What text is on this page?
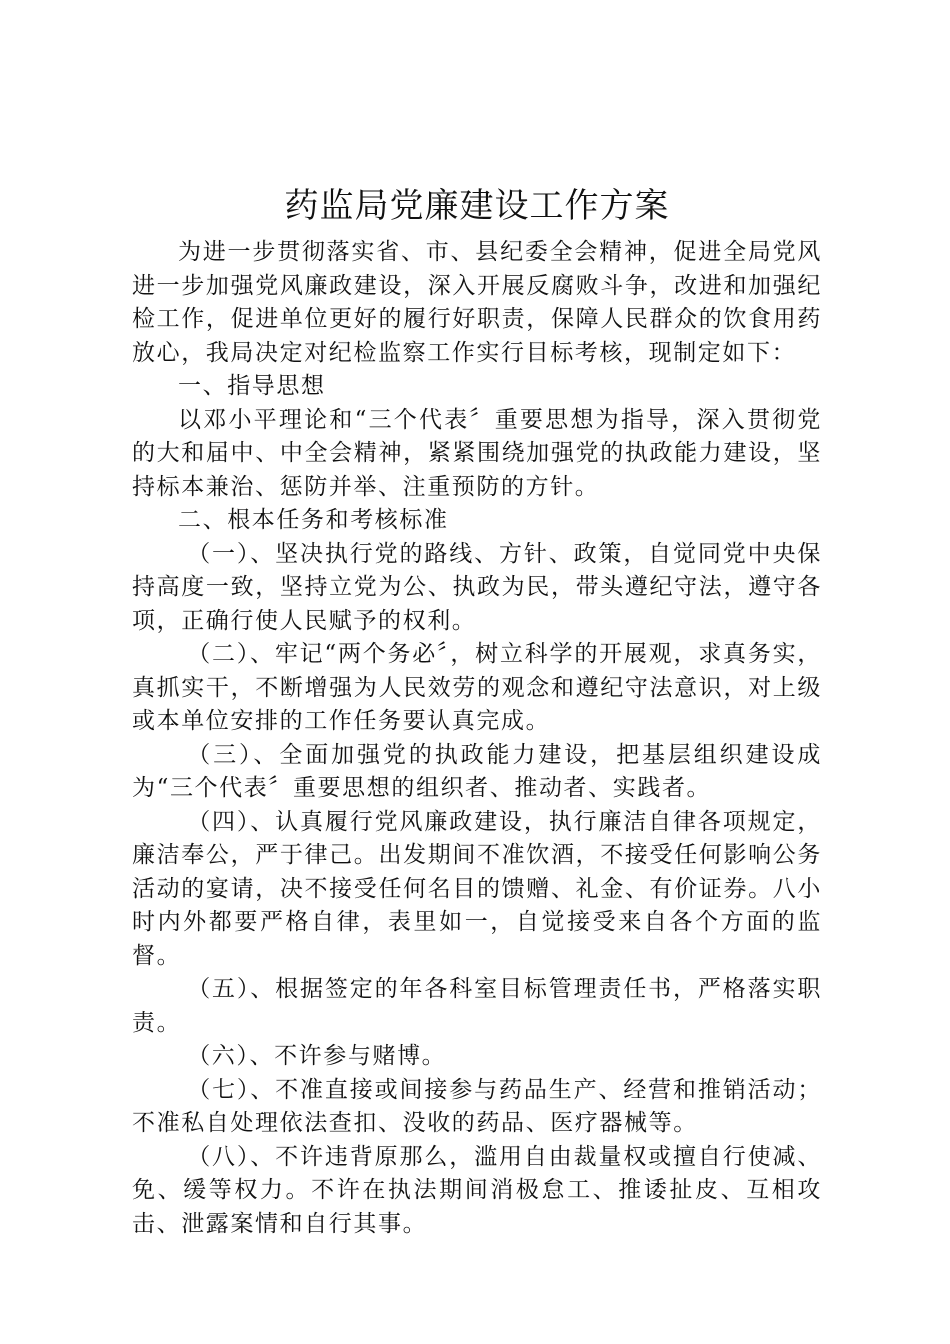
药监局党廉建设工作方案

为进一步贯彻落实省、市、县纪委全会精神，促进全局党风进一步加强党风廉政建设，深入开展反腐败斗争，改进和加强纪检工作，促进单位更好的履行好职责，保障人民群众的饮食用药放心，我局决定对纪检监察工作实行目标考核，现制定如下：

一、指导思想

以邓小平理论和“三个代表〞重要思想为指导，深入贯彻党的大和届中、中全会精神，紧紧围绕加强党的执政能力建设，坚持标本兼治、惩防并举、注重预防的方针。

二、根本任务和考核标准

（一）、坚决执行党的路线、方针、政策，自觉同党中央保持高度一致，坚持立党为公、执政为民，带头遵纪守法，遵守各项，正确行使人民赋予的权利。

（二）、牢记“两个务必〞，树立科学的开展观，求真务实，真抓实干，不断增强为人民效劳的观念和遵纪守法意识，对上级或本单位安排的工作任务要认真完成。

（三）、全面加强党的执政能力建设，把基层组织建设成为“三个代表〞重要思想的组织者、推动者、实践者。

（四）、认真履行党风廉政建设，执行廉洁自律各项规定，廉洁奉公，严于律己。出发期间不准饮酒，不接受任何影响公务活动的宴请，决不接受任何名目的馈赠、礼金、有价证券。八小时内外都要严格自律，表里如一，自觉接受来自各个方面的监督。

（五）、根据签定的年各科室目标管理责任书，严格落实职责。

（六）、不许参与赌博。

（七）、不准直接或间接参与药品生产、经营和推销活动；不准私自处理依法查扣、没收的药品、医疗器械等。

（八）、不许违背原那么，滥用自由裁量权或擅自行使减、免、缓等权力。不许在执法期间消极怠工、推诿扯皮、互相攻击、泄露案情和自行其事。
